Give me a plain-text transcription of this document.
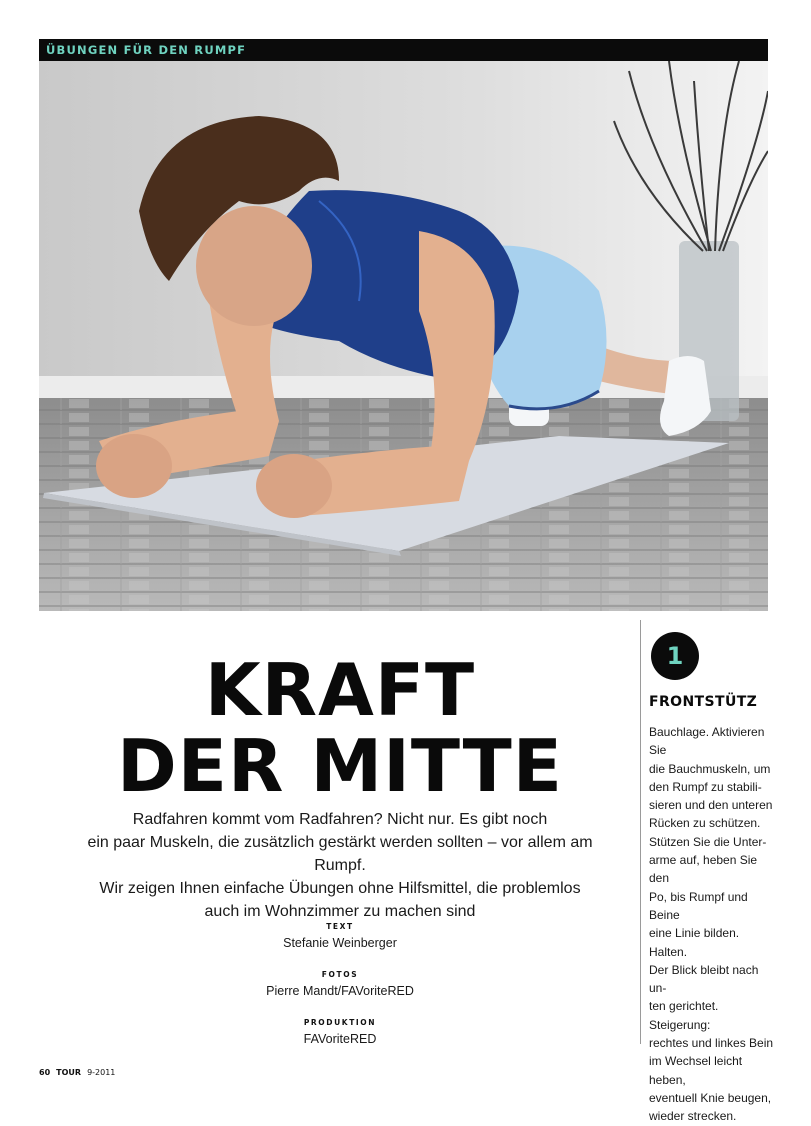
ÜBUNGEN FÜR DEN RUMPF
KRAFT
DER MITTE
Radfahren kommt vom Radfahren? Nicht nur. Es gibt noch
ein paar Muskeln, die zusätzlich gestärkt werden sollten – vor allem am Rumpf.
Wir zeigen Ihnen einfache Übungen ohne Hilfsmittel, die problemlos
auch im Wohnzimmer zu machen sind
TEXT
Stefanie Weinberger
FOTOS
Pierre Mandt/FAVoriteRED
PRODUKTION
FAVoriteRED
1
FRONTSTÜTZ
Bauchlage. Aktivieren Sie
die Bauchmuskeln, um
den Rumpf zu stabili-
sieren und den unteren
Rücken zu schützen.
Stützen Sie die Unter-
arme auf, heben Sie den
Po, bis Rumpf und Beine
eine Linie bilden. Halten.
Der Blick bleibt nach un-
ten gerichtet. Steigerung:
rechtes und linkes Bein
im Wechsel leicht heben,
eventuell Knie beugen,
wieder strecken.
60 TOUR 9-2011
